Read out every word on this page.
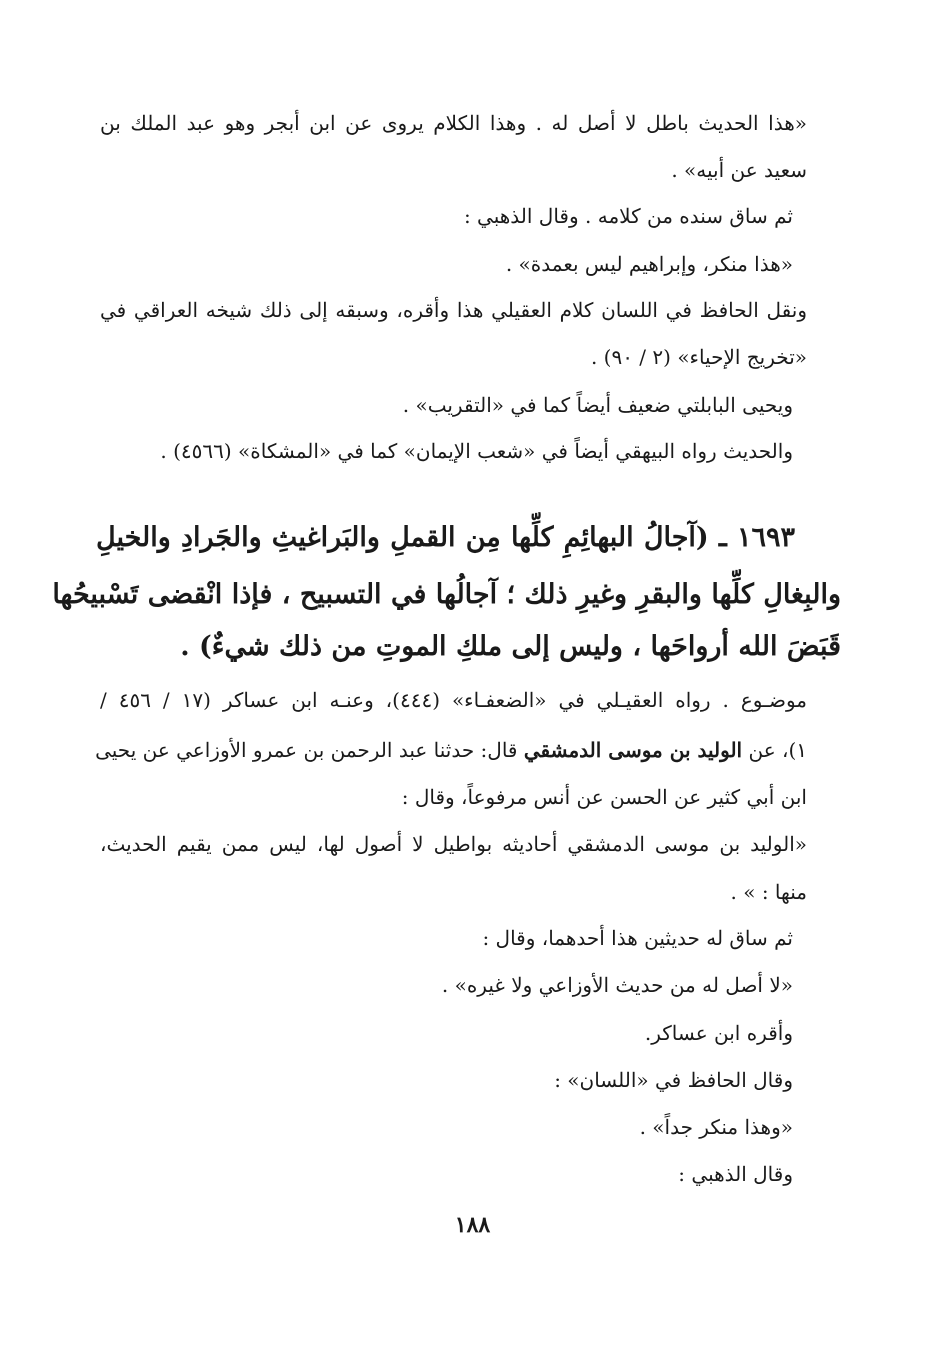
«هذا الحديث باطل لا أصل له . وهذا الكلام يروى عن ابن أبجر وهو عبد الملك بن
سعيد عن أبيه» .
ثم ساق سنده من كلامه . وقال الذهبي :
«هذا منكر، وإبراهيم ليس بعمدة» .
ونقل الحافظ في اللسان كلام العقيلي هذا وأقره، وسبقه إلى ذلك شيخه العراقي في
«تخريج الإحياء» (٢ / ٩٠) .
ويحيى البابلتي ضعيف أيضاً كما في «التقريب» .
والحديث رواه البيهقي أيضاً في «شعب الإيمان» كما في «المشكاة» (٤٥٦٦) .
١٦٩٣ ـ (آجالُ البهائِمِ كلِّها مِن القملِ والبَراغيثِ والجَرادِ والخيلِ
والبِغالِ كلِّها والبقرِ وغيرِ ذلك ؛ آجالُها في التسبيح ، فإذا انْقضى تَسْبيحُها
قَبَضَ الله أرواحَها ، وليس إلى ملكِ الموتِ من ذلك شيءٌ) .
موضـوع . رواه العقيـلي في «الضعفـاء» (٤٤٤)، وعنـه ابن عساكر (١٧ / ٤٥٦ /
١)، عن الوليد بن موسى الدمشقي قال: حدثنا عبد الرحمن بن عمرو الأوزاعي عن يحيى
ابن أبي كثير عن الحسن عن أنس مرفوعاً، وقال :
«الوليد بن موسى الدمشقي أحاديثه بواطيل لا أصول لها، ليس ممن يقيم الحديث،
منها : » .
ثم ساق له حديثين هذا أحدهما، وقال :
«لا أصل له من حديث الأوزاعي ولا غيره» .
وأقره ابن عساكر.
وقال الحافظ في «اللسان» :
«وهذا منكر جداً» .
وقال الذهبي :
١٨٨
